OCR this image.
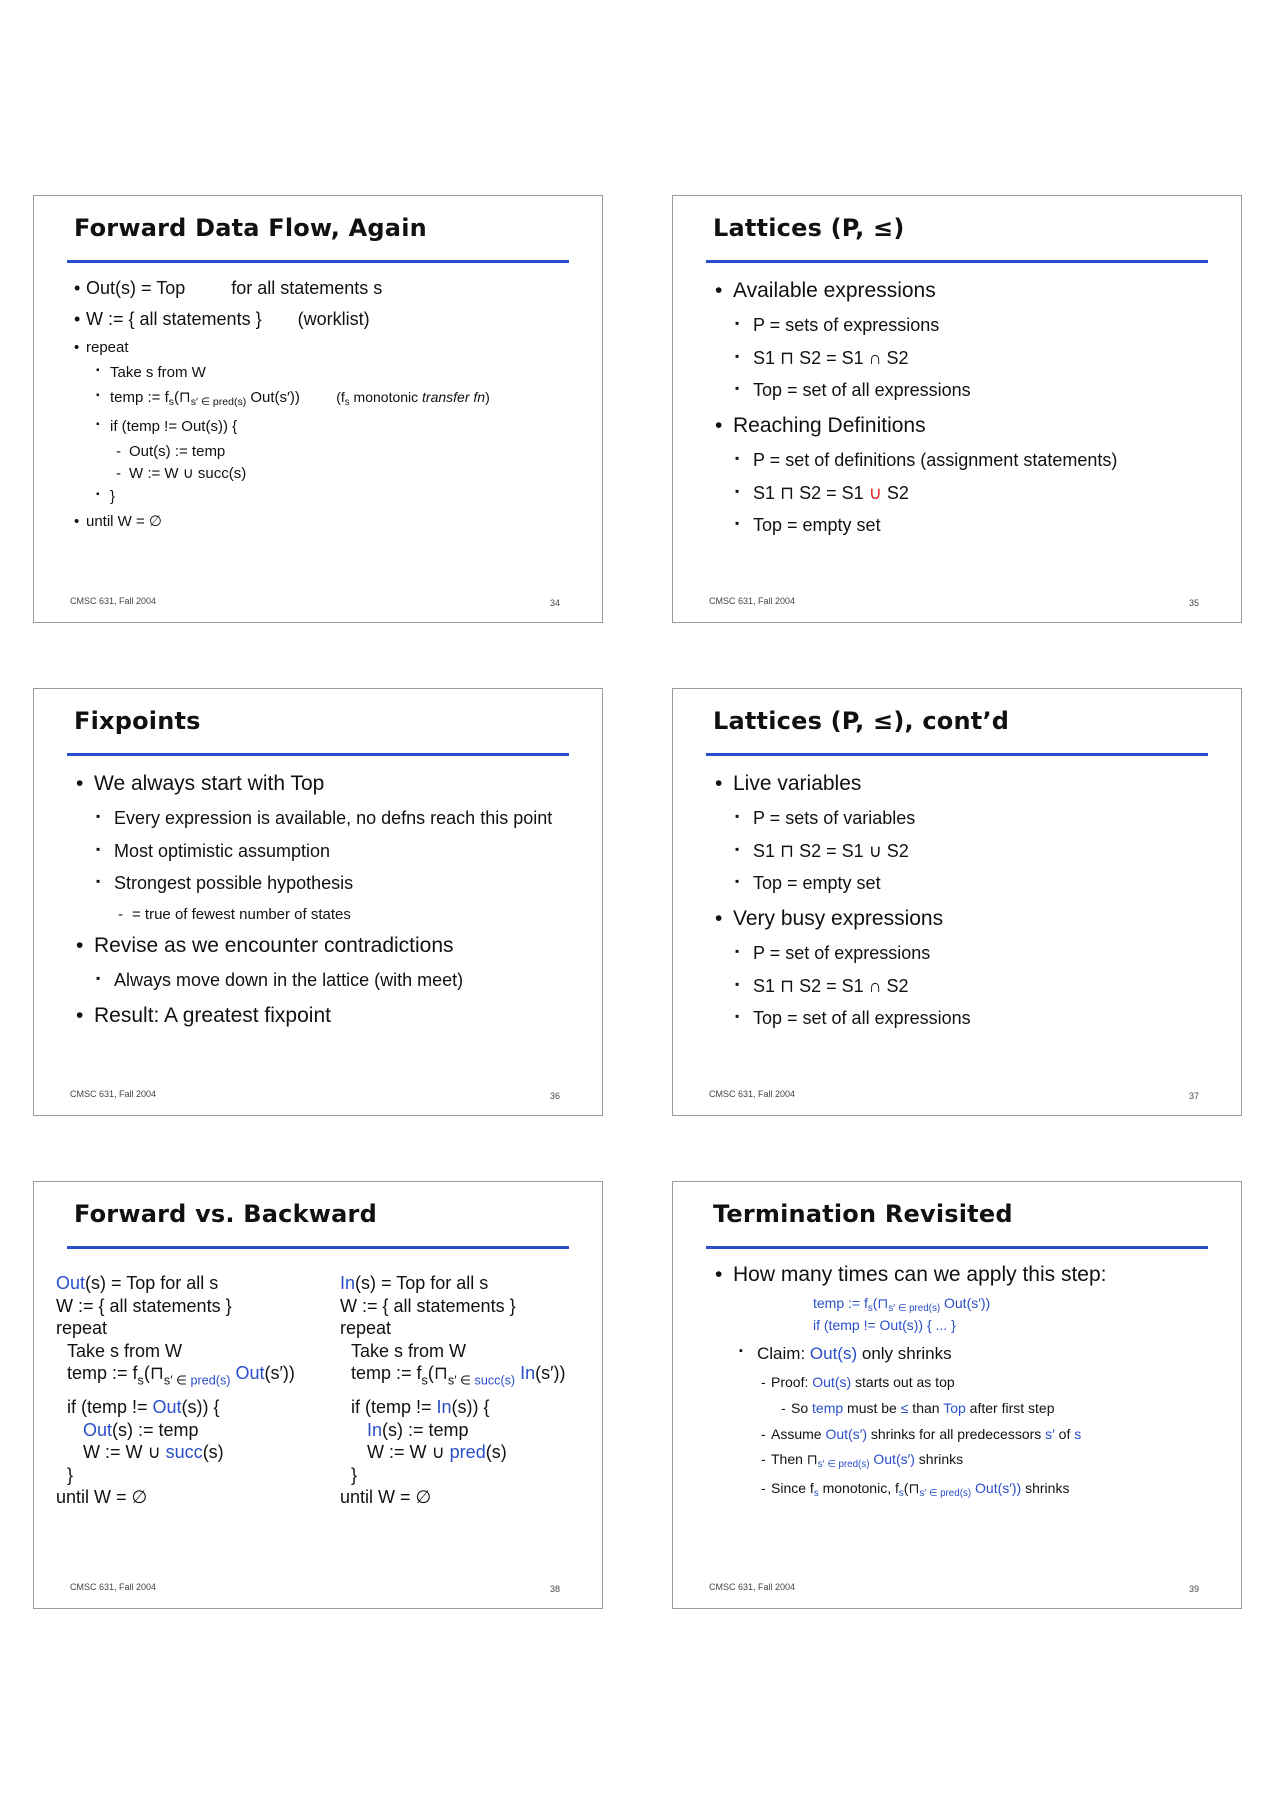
Forward Data Flow, Again
• Out(s) = Top	for all statements s
• W := { all statements } (worklist)
• repeat
▪ Take s from W
▪ temp := $f_s(⊓_{s' \in pred(s)}$ Out(s′))	($f_s$ monotonic transfer fn)
▪ if (temp != Out(s)) {
- Out(s) := temp
- W := W ∪ succ(s)
▪ }
• until W = ∅
CMSC 631, Fall 2004	34
Lattices (P, ≤)
• Available expressions
▪ P = sets of expressions
▪ S1 ⊓ S2 = S1 ∩ S2
▪ Top = set of all expressions
• Reaching Definitions
▪ P = set of definitions (assignment statements)
▪ S1 ⊓ S2 = S1 ∪ S2
▪ Top = empty set
CMSC 631, Fall 2004	35
Fixpoints
• We always start with Top
▪ Every expression is available, no defns reach this point
▪ Most optimistic assumption
▪ Strongest possible hypothesis
- = true of fewest number of states
• Revise as we encounter contradictions
▪ Always move down in the lattice (with meet)
• Result: A greatest fixpoint
CMSC 631, Fall 2004	36
Lattices (P, ≤), cont’d
• Live variables
▪ P = sets of variables
▪ S1 ⊓ S2 = S1 ∪ S2
▪ Top = empty set
• Very busy expressions
▪ P = set of expressions
▪ S1 ⊓ S2 = S1 ∩ S2
▪ Top = set of all expressions
CMSC 631, Fall 2004	37
Forward vs. Backward
Out(s) = Top for all s
W := { all statements }
repeat
Take s from W
temp := $f_s(⊓_{s' \in pred(s)}$ Out(s′))
if (temp != Out(s)) {
Out(s) := temp
W := W ∪ succ(s)
}
until W = ∅
In(s) = Top for all s
W := { all statements }
repeat
Take s from W
temp := $f_s(⊓_{s' \in succ(s)}$ In(s′))
if (temp != In(s)) {
In(s) := temp
W := W ∪ pred(s)
}
until W = ∅
CMSC 631, Fall 2004	38
Termination Revisited
• How many times can we apply this step:
temp := $f_s(⊓_{s' \in pred(s)}$ Out(s′))
if (temp != Out(s)) { ... }
▪ Claim: Out(s) only shrinks
- Proof: Out(s) starts out as top
- So temp must be ≤ than Top after first step
- Assume Out(s′) shrinks for all predecessors s′ of s
- Then $⊓_{s' \in pred(s)}$ Out(s′) shrinks
- Since $f_s$ monotonic, $f_s(⊓_{s' \in pred(s)}$ Out(s′)) shrinks
CMSC 631, Fall 2004	39
